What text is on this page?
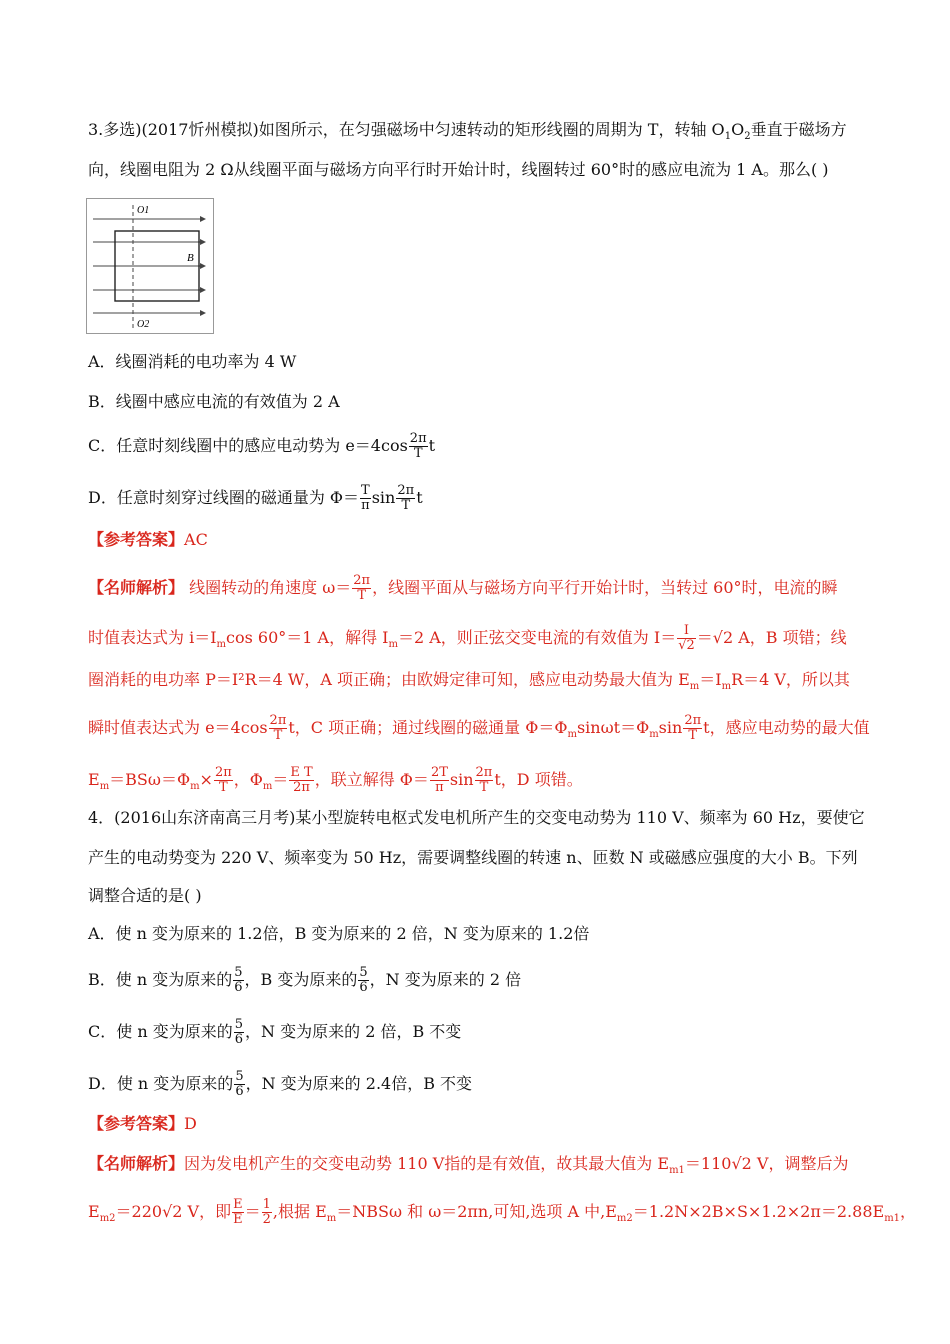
3.多选)(2017忻州模拟)如图所示，在匀强磁场中匀速转动的矩形线圈的周期为 T，转轴 $O_1O_2$垂直于磁场方
向，线圈电阻为 2 Ω从线圈平面与磁场方向平行时开始计时，线圈转过 60°时的感应电流为 1 A。那么( )
O1
O2
B
A．线圈消耗的电功率为 4 W
B．线圈中感应电流的有效值为 2 A
C．任意时刻线圈中的感应电动势为 $e=4\cos \frac{2\pi}{T}$ t
D．任意时刻穿过线圈的磁通量为 $\Phi= \frac{T}{\pi}$ $\sin \frac{2\pi}{T}$ t
【参考答案】AC
【名师解析】 线圈转动的角速度 $\omega= \frac{2\pi}{T}$ ，线圈平面从与磁场方向平行开始计时，当转过 60°时，电流的瞬
时值表达式为 $i=I_m\cos$ 60°＝1 A，解得 $I_m=2$ A，则正弦交变电流的有效值为 $I= \frac{I}{√2} =√2$ A，B 项错；线
圈消耗的电功率 P＝I²R＝4 W，A 项正确；由欧姆定律可知，感应电动势最大值为 $E_m=I_mR=4$ V，所以其
瞬时值表达式为 $e=4\cos \frac{2\pi}{T}$ t，C 项正确；通过线圈的磁通量 $\Phi=\Phi_m\sin\omega t=\Phi_m\sin \frac{2\pi}{T}$ t，感应电动势的最大值
$E_m=BS\omega=\Phi_m\times \frac{2\pi}{T}$ ，$\Phi_m= \frac{\text{E T}}{2\pi}$ ，联立解得 $\Phi= \frac{2T}{\pi}$ $\sin \frac{2\pi}{T}$ t，D 项错。
4．(2016山东济南高三月考)某小型旋转电枢式发电机所产生的交变电动势为 110 V、频率为 60 Hz，要使它
产生的电动势变为 220 V、频率变为 50 Hz，需要调整线圈的转速 n、匝数 N 或磁感应强度的大小 B。下列
调整合适的是( )
A．使 n 变为原来的 1.2倍，B 变为原来的 2 倍，N 变为原来的 1.2倍
B．使 n 变为原来的 $\frac{5}{6}$ ，B 变为原来的 $\frac{5}{6}$ ，N 变为原来的 2 倍
C．使 n 变为原来的 $\frac{5}{6}$ ，N 变为原来的 2 倍，B 不变
D．使 n 变为原来的 $\frac{5}{6}$ ，N 变为原来的 2.4倍，B 不变
【参考答案】D
【名师解析】因为发电机产生的交变电动势 110 V指的是有效值，故其最大值为 $E_{m1}=110√2$ V，调整后为
$E_{m2}=220√2$ V，即 $\frac{E}{E} = \frac{1}{2}$ ,根据 $E_m=NBS\omega$ 和 ω＝2πn,可知,选项 A 中$,E_{m2}=1.2N\times 2B\times S\times 1.2\times 2\pi=2.88E_{m1}$，
